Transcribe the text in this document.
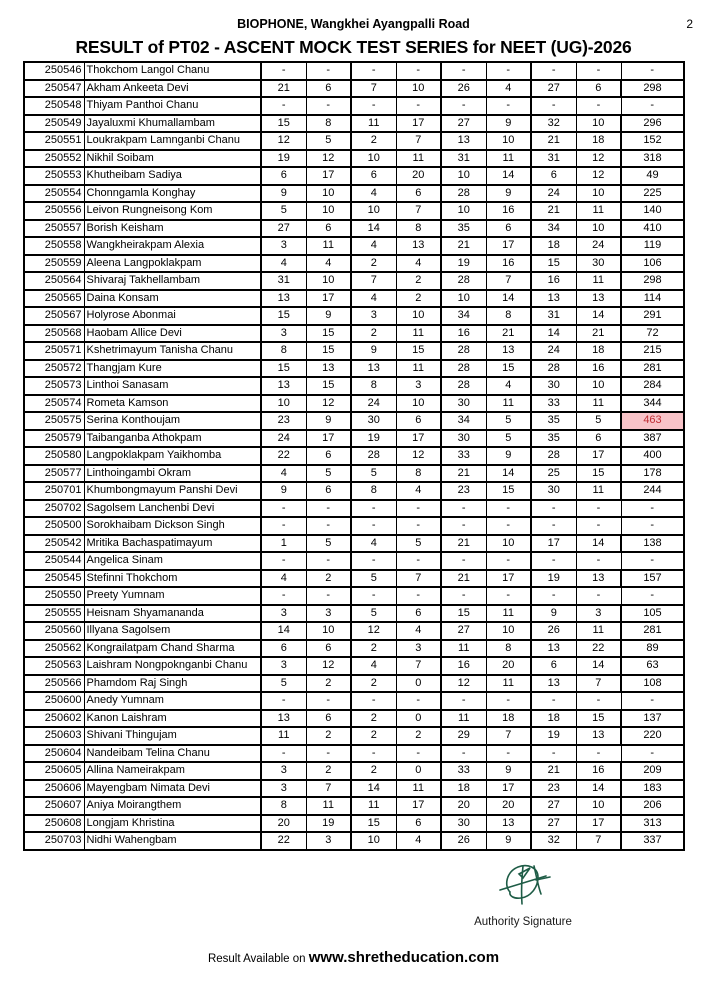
BIOPHONE, Wangkhei Ayangpalli Road	2
RESULT of PT02 - ASCENT MOCK TEST SERIES for NEET (UG)-2026
250546	Thokchom Langol Chanu	-	-	-	-	-	-	-	-	-
250547	Akham Ankeeta Devi	21	6	7	10	26	4	27	6	298
250548	Thiyam Panthoi Chanu	-	-	-	-	-	-	-	-	-
250549	Jayaluxmi Khumallambam	15	8	11	17	27	9	32	10	296
250551	Loukrakpam Lamnganbi Chanu	12	5	2	7	13	10	21	18	152
250552	Nikhil Soibam	19	12	10	11	31	11	31	12	318
250553	Khutheibam Sadiya	6	17	6	20	10	14	6	12	49
250554	Chonngamla Konghay	9	10	4	6	28	9	24	10	225
250556	Leivon Rungneisong Kom	5	10	10	7	10	16	21	11	140
250557	Borish Keisham	27	6	14	8	35	6	34	10	410
250558	Wangkheirakpam Alexia	3	11	4	13	21	17	18	24	119
250559	Aleena Langpoklakpam	4	4	2	4	19	16	15	30	106
250564	Shivaraj Takhellambam	31	10	7	2	28	7	16	11	298
250565	Daina Konsam	13	17	4	2	10	14	13	13	114
250567	Holyrose Abonmai	15	9	3	10	34	8	31	14	291
250568	Haobam Allice Devi	3	15	2	11	16	21	14	21	72
250571	Kshetrimayum Tanisha Chanu	8	15	9	15	28	13	24	18	215
250572	Thangjam Kure	15	13	13	11	28	15	28	16	281
250573	Linthoi Sanasam	13	15	8	3	28	4	30	10	284
250574	Rometa Kamson	10	12	24	10	30	11	33	11	344
250575	Serina Konthoujam	23	9	30	6	34	5	35	5	463
250579	Taibanganba Athokpam	24	17	19	17	30	5	35	6	387
250580	Langpoklakpam Yaikhomba	22	6	28	12	33	9	28	17	400
250577	Linthoingambi Okram	4	5	5	8	21	14	25	15	178
250701	Khumbongmayum Panshi Devi	9	6	8	4	23	15	30	11	244
250702	Sagolsem Lanchenbi Devi	-	-	-	-	-	-	-	-	-
250500	Sorokhaibam Dickson Singh	-	-	-	-	-	-	-	-	-
250542	Mritika Bachaspatimayum	1	5	4	5	21	10	17	14	138
250544	Angelica Sinam	-	-	-	-	-	-	-	-	-
250545	Stefinni Thokchom	4	2	5	7	21	17	19	13	157
250550	Preety Yumnam	-	-	-	-	-	-	-	-	-
250555	Heisnam Shyamananda	3	3	5	6	15	11	9	3	105
250560	Illyana Sagolsem	14	10	12	4	27	10	26	11	281
250562	Kongrailatpam Chand Sharma	6	6	2	3	11	8	13	22	89
250563	Laishram Nongpoknganbi Chanu	3	12	4	7	16	20	6	14	63
250566	Phamdom Raj Singh	5	2	2	0	12	11	13	7	108
250600	Anedy Yumnam	-	-	-	-	-	-	-	-	-
250602	Kanon Laishram	13	6	2	0	11	18	18	15	137
250603	Shivani Thingujam	11	2	2	2	29	7	19	13	220
250604	Nandeibam Telina Chanu	-	-	-	-	-	-	-	-	-
250605	Allina Nameirakpam	3	2	2	0	33	9	21	16	209
250606	Mayengbam Nimata Devi	3	7	14	11	18	17	23	14	183
250607	Aniya Moirangthem	8	11	11	17	20	20	27	10	206
250608	Longjam Khristina	20	19	15	6	30	13	27	17	313
250703	Nidhi Wahengbam	22	3	10	4	26	9	32	7	337
Authority Signature
Result Available on www.shretheducation.com
